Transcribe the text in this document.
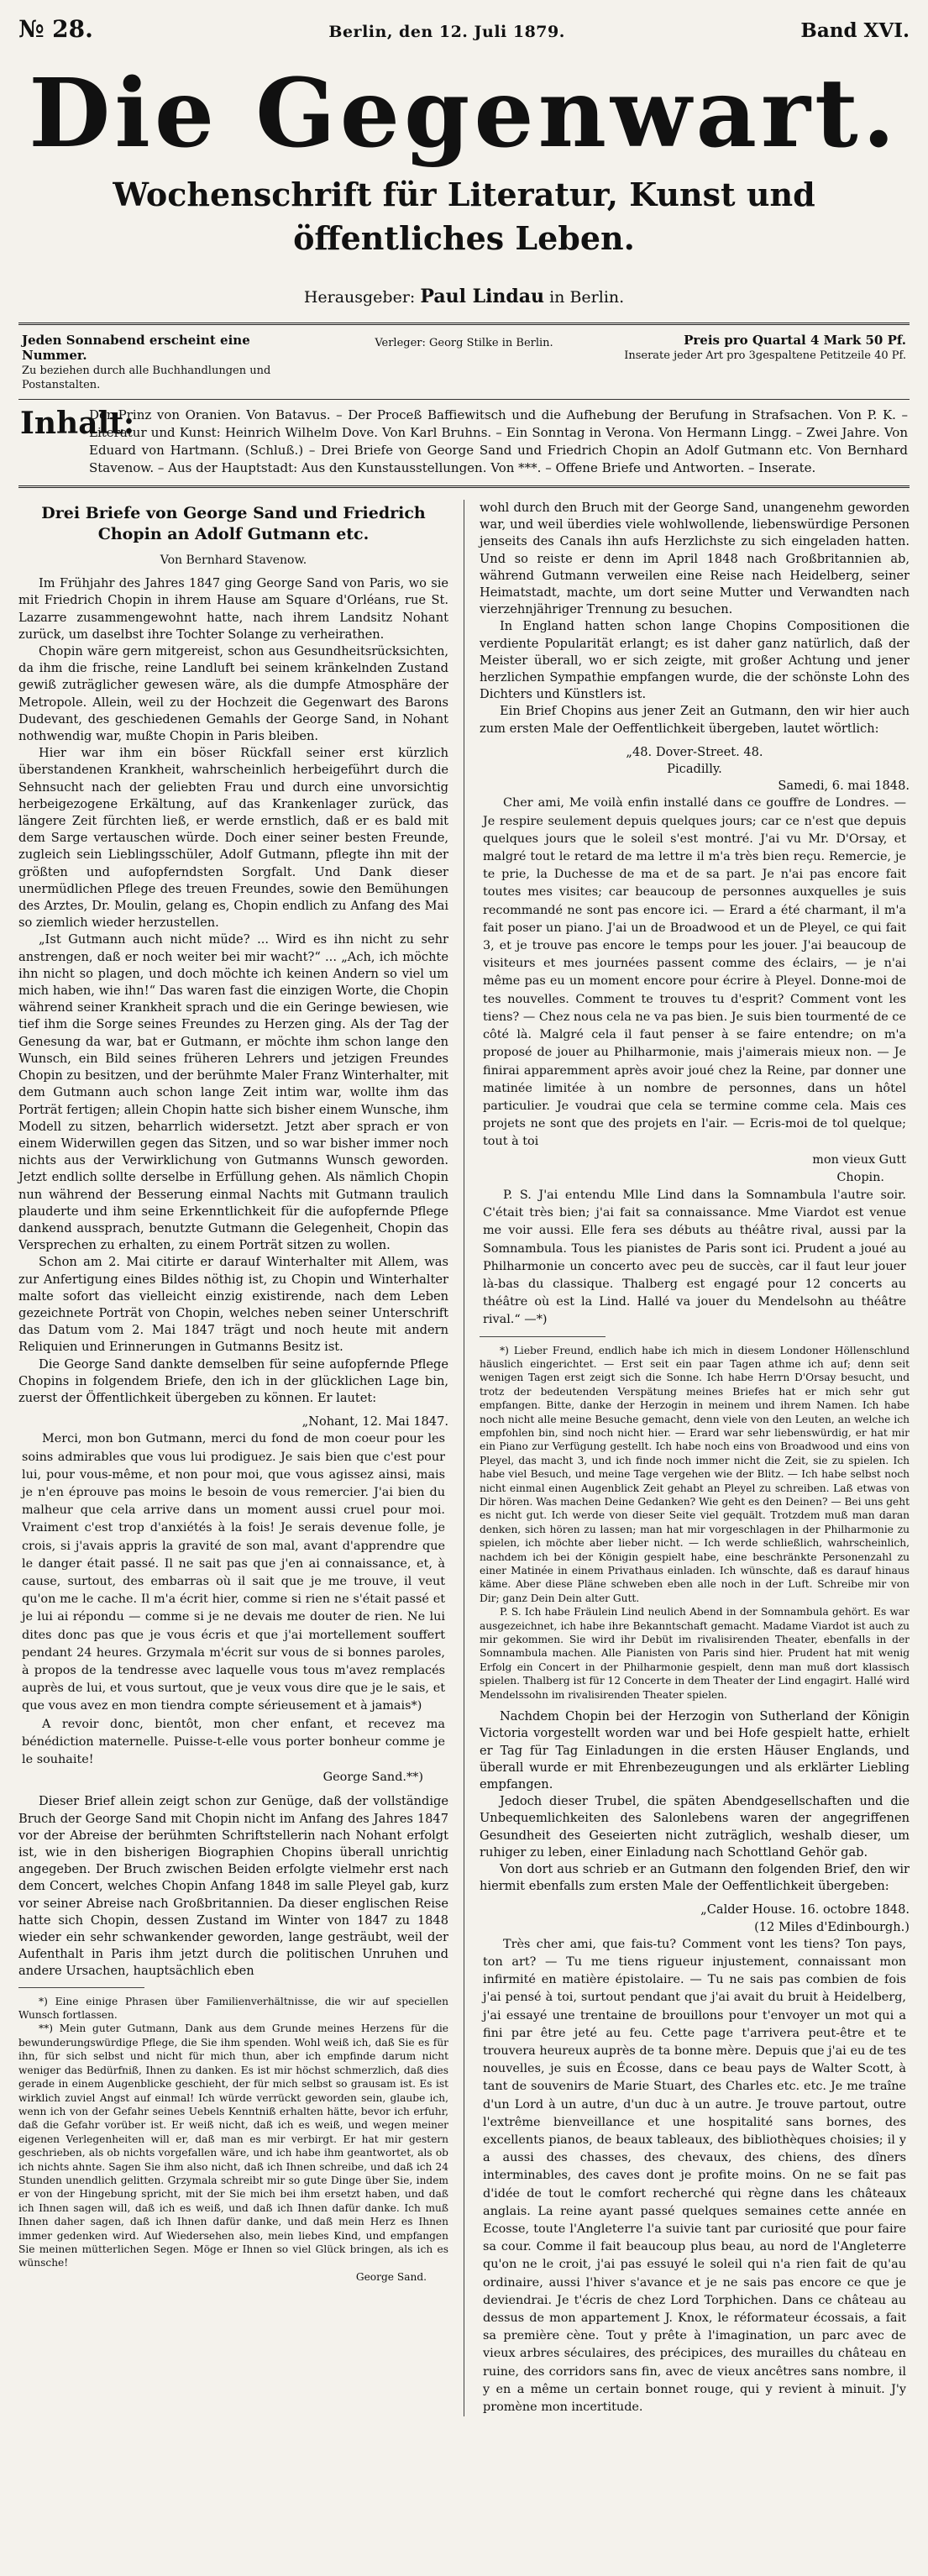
№ 28.	Berlin, den 12. Juli 1879.	Band XVI.
Die Gegenwart.
Wochenschrift für Literatur, Kunst und öffentliches Leben.
Herausgeber: Paul Lindau in Berlin.
Jeden Sonnabend erscheint eine Nummer.
Zu beziehen durch alle Buchhandlungen und Postanstalten.
Verleger: Georg Stilke in Berlin.	Preis pro Quartal 4 Mark 50 Pf.
Inserate jeder Art pro 3gespaltene Petitzeile 40 Pf.
Inhalt:
Der Prinz von Oranien. Von Batavus. – Der Proceß Baffiewitsch und die Aufhebung der Berufung in Strafsachen. Von P. K. – Literatur und Kunst: Heinrich Wilhelm Dove. Von Karl Bruhns. – Ein Sonntag in Verona. Von Hermann Lingg. – Zwei Jahre. Von Eduard von Hartmann. (Schluß.) – Drei Briefe von George Sand und Friedrich Chopin an Adolf Gutmann etc. Von Bernhard Stavenow. – Aus der Hauptstadt: Aus den Kunstausstellungen. Von ***. – Offene Briefe und Antworten. – Inserate.

Drei Briefe von George Sand und Friedrich Chopin an Adolf Gutmann etc.

Von Bernhard Stavenow.

Im Frühjahr des Jahres 1847 ging George Sand von Paris, wo sie mit Friedrich Chopin in ihrem Hause am Square d'Orléans, rue St. Lazarre zusammengewohnt hatte, nach ihrem Landsitz Nohant zurück, um daselbst ihre Tochter Solange zu verheirathen.

Chopin wäre gern mitgereist, schon aus Gesundheitsrücksichten, da ihm die frische, reine Landluft bei seinem kränkelnden Zustand gewiß zuträglicher gewesen wäre, als die dumpfe Atmosphäre der Metropole. Allein, weil zu der Hochzeit die Gegenwart des Barons Dudevant, des geschiedenen Gemahls der George Sand, in Nohant nothwendig war, mußte Chopin in Paris bleiben.

Hier war ihm ein böser Rückfall seiner erst kürzlich überstandenen Krankheit, wahrscheinlich herbeigeführt durch die Sehnsucht nach der geliebten Frau und durch eine unvorsichtig herbeigezogene Erkältung, auf das Krankenlager zurück, das längere Zeit fürchten ließ, er werde ernstlich, daß er es bald mit dem Sarge vertauschen würde. Doch einer seiner besten Freunde, zugleich sein Lieblingsschüler, Adolf Gutmann, pflegte ihn mit der größten und aufopferndsten Sorgfalt. Und Dank dieser unermüdlichen Pflege des treuen Freundes, sowie den Bemühungen des Arztes, Dr. Moulin, gelang es, Chopin endlich zu Anfang des Mai so ziemlich wieder herzustellen.

„Ist Gutmann auch nicht müde? ... Wird es ihn nicht zu sehr anstrengen, daß er noch weiter bei mir wacht?“ ... „Ach, ich möchte ihn nicht so plagen, und doch möchte ich keinen Andern so viel um mich haben, wie ihn!“ Das waren fast die einzigen Worte, die Chopin während seiner Krankheit sprach und die ein Geringe bewiesen, wie tief ihm die Sorge seines Freundes zu Herzen ging. Als der Tag der Genesung da war, bat er Gutmann, er möchte ihm schon lange den Wunsch, ein Bild seines früheren Lehrers und jetzigen Freundes Chopin zu besitzen, und der berühmte Maler Franz Winterhalter, mit dem Gutmann auch schon lange Zeit intim war, wollte ihm das Porträt fertigen; allein Chopin hatte sich bisher einem Wunsche, ihm Modell zu sitzen, beharrlich widersetzt. Jetzt aber sprach er von einem Widerwillen gegen das Sitzen, und so war bisher immer noch nichts aus der Verwirklichung von Gutmanns Wunsch geworden. Jetzt endlich sollte derselbe in Erfüllung gehen. Als nämlich Chopin nun während der Besserung einmal Nachts mit Gutmann traulich plauderte und ihm seine Erkenntlichkeit für die aufopfernde Pflege dankend aussprach, benutzte Gutmann die Gelegenheit, Chopin das Versprechen zu erhalten, zu einem Porträt sitzen zu wollen.

Schon am 2. Mai citirte er darauf Winterhalter mit Allem, was zur Anfertigung eines Bildes nöthig ist, zu Chopin und Winterhalter malte sofort das vielleicht einzig existirende, nach dem Leben gezeichnete Porträt von Chopin, welches neben seiner Unterschrift das Datum vom 2. Mai 1847 trägt und noch heute mit andern Reliquien und Erinnerungen in Gutmanns Besitz ist.

Die George Sand dankte demselben für seine aufopfernde Pflege Chopins in folgendem Briefe, den ich in der glücklichen Lage bin, zuerst der Öffentlichkeit übergeben zu können. Er lautet:

„Nohant, 12. Mai 1847.

Merci, mon bon Gutmann, merci du fond de mon coeur pour les soins admirables que vous lui prodiguez. Je sais bien que c'est pour lui, pour vous-même, et non pour moi, que vous agissez ainsi, mais je n'en éprouve pas moins le besoin de vous remercier. J'ai bien du malheur que cela arrive dans un moment aussi cruel pour moi. Vraiment c'est trop d'anxiétés à la fois! Je serais devenue folle, je crois, si j'avais appris la gravité de son mal, avant d'apprendre que le danger était passé. Il ne sait pas que j'en ai connaissance, et, à cause, surtout, des embarras où il sait que je me trouve, il veut qu'on me le cache. Il m'a écrit hier, comme si rien ne s'était passé et je lui ai répondu — comme si je ne devais me douter de rien. Ne lui dites donc pas que je vous écris et que j'ai mortellement souffert pendant 24 heures. Grzymala m'écrit sur vous de si bonnes paroles, à propos de la tendresse avec laquelle vous tous m'avez remplacés auprès de lui, et vous surtout, que je veux vous dire que je le sais, et que vous avez en mon tiendra compte sérieusement et à jamais*)

A revoir donc, bientôt, mon cher enfant, et recevez ma bénédiction maternelle. Puisse-t-elle vous porter bonheur comme je le souhaite!

George Sand.**)

Dieser Brief allein zeigt schon zur Genüge, daß der vollständige Bruch der George Sand mit Chopin nicht im Anfang des Jahres 1847 vor der Abreise der berühmten Schriftstellerin nach Nohant erfolgt ist, wie in den bisherigen Biographien Chopins überall unrichtig angegeben. Der Bruch zwischen Beiden erfolgte vielmehr erst nach dem Concert, welches Chopin Anfang 1848 im salle Pleyel gab, kurz vor seiner Abreise nach Großbritannien. Da dieser englischen Reise hatte sich Chopin, dessen Zustand im Winter von 1847 zu 1848 wieder ein sehr schwankender geworden, lange gesträubt, weil der Aufenthalt in Paris ihm jetzt durch die politischen Unruhen und andere Ursachen, hauptsächlich eben

*) Eine einige Phrasen über Familienverhältnisse, die wir auf speciellen Wunsch fortlassen.

**) Mein guter Gutmann, Dank aus dem Grunde meines Herzens für die bewunderungswürdige Pflege, die Sie ihm spenden. Wohl weiß ich, daß Sie es für ihn, für sich selbst und nicht für mich thun, aber ich empfinde darum nicht weniger das Bedürfniß, Ihnen zu danken. Es ist mir höchst schmerzlich, daß dies gerade in einem Augenblicke geschieht, der für mich selbst so grausam ist. Es ist wirklich zuviel Angst auf einmal! Ich würde verrückt geworden sein, glaube ich, wenn ich von der Gefahr seines Uebels Kenntniß erhalten hätte, bevor ich erfuhr, daß die Gefahr vorüber ist. Er weiß nicht, daß ich es weiß, und wegen meiner eigenen Verlegenheiten will er, daß man es mir verbirgt. Er hat mir gestern geschrieben, als ob nichts vorgefallen wäre, und ich habe ihm geantwortet, als ob ich nichts ahnte. Sagen Sie ihm also nicht, daß ich Ihnen schreibe, und daß ich 24 Stunden unendlich gelitten. Grzymala schreibt mir so gute Dinge über Sie, indem er von der Hingebung spricht, mit der Sie mich bei ihm ersetzt haben, und daß ich Ihnen sagen will, daß ich es weiß, und daß ich Ihnen dafür danke. Ich muß Ihnen daher sagen, daß ich Ihnen dafür danke, und daß mein Herz es Ihnen immer gedenken wird. Auf Wiedersehen also, mein liebes Kind, und empfangen Sie meinen mütterlichen Segen. Möge er Ihnen so viel Glück bringen, als ich es wünsche!

George Sand.

wohl durch den Bruch mit der George Sand, unangenehm geworden war, und weil überdies viele wohlwollende, liebenswürdige Personen jenseits des Canals ihn aufs Herzlichste zu sich eingeladen hatten. Und so reiste er denn im April 1848 nach Großbritannien ab, während Gutmann verweilen eine Reise nach Heidelberg, seiner Heimatstadt, machte, um dort seine Mutter und Verwandten nach vierzehnjähriger Trennung zu besuchen.

In England hatten schon lange Chopins Compositionen die verdiente Popularität erlangt; es ist daher ganz natürlich, daß der Meister überall, wo er sich zeigte, mit großer Achtung und jener herzlichen Sympathie empfangen wurde, die der schönste Lohn des Dichters und Künstlers ist.

Ein Brief Chopins aus jener Zeit an Gutmann, den wir hier auch zum ersten Male der Oeffentlichkeit übergeben, lautet wörtlich:

„48. Dover-Street. 48.

Picadilly.

Samedi, 6. mai 1848.

Cher ami, Me voilà enfin installé dans ce gouffre de Londres. — Je respire seulement depuis quelques jours; car ce n'est que depuis quelques jours que le soleil s'est montré. J'ai vu Mr. D'Orsay, et malgré tout le retard de ma lettre il m'a très bien reçu. Remercie, je te prie, la Duchesse de ma et de sa part. Je n'ai pas encore fait toutes mes visites; car beaucoup de personnes auxquelles je suis recommandé ne sont pas encore ici. — Erard a été charmant, il m'a fait poser un piano. J'ai un de Broadwood et un de Pleyel, ce qui fait 3, et je trouve pas encore le temps pour les jouer. J'ai beaucoup de visiteurs et mes journées passent comme des éclairs, — je n'ai même pas eu un moment encore pour écrire à Pleyel. Donne-moi de tes nouvelles. Comment te trouves tu d'esprit? Comment vont les tiens? — Chez nous cela ne va pas bien. Je suis bien tourmenté de ce côté là. Malgré cela il faut penser à se faire entendre; on m'a proposé de jouer au Philharmonie, mais j'aimerais mieux non. — Je finirai apparemment après avoir joué chez la Reine, par donner une matinée limitée à un nombre de personnes, dans un hôtel particulier. Je voudrai que cela se termine comme cela. Mais ces projets ne sont que des projets en l'air. — Ecris-moi de tol quelque; tout à toi

mon vieux Gutt

Chopin.

P. S. J'ai entendu Mlle Lind dans la Somnambula l'autre soir. C'était très bien; j'ai fait sa connaissance. Mme Viardot est venue me voir aussi. Elle fera ses débuts au théâtre rival, aussi par la Somnambula. Tous les pianistes de Paris sont ici. Prudent a joué au Philharmonie un concerto avec peu de succès, car il faut leur jouer là-bas du classique. Thalberg est engagé pour 12 concerts au théâtre où est la Lind. Hallé va jouer du Mendelsohn au théâtre rival.“ —*)

*) Lieber Freund, endlich habe ich mich in diesem Londoner Höllenschlund häuslich eingerichtet. — Erst seit ein paar Tagen athme ich auf; denn seit wenigen Tagen erst zeigt sich die Sonne. Ich habe Herrn D'Orsay besucht, und trotz der bedeutenden Verspätung meines Briefes hat er mich sehr gut empfangen. Bitte, danke der Herzogin in meinem und ihrem Namen. Ich habe noch nicht alle meine Besuche gemacht, denn viele von den Leuten, an welche ich empfohlen bin, sind noch nicht hier. — Erard war sehr liebenswürdig, er hat mir ein Piano zur Verfügung gestellt. Ich habe noch eins von Broadwood und eins von Pleyel, das macht 3, und ich finde noch immer nicht die Zeit, sie zu spielen. Ich habe viel Besuch, und meine Tage vergehen wie der Blitz. — Ich habe selbst noch nicht einmal einen Augenblick Zeit gehabt an Pleyel zu schreiben. Laß etwas von Dir hören. Was machen Deine Gedanken? Wie geht es den Deinen? — Bei uns geht es nicht gut. Ich werde von dieser Seite viel gequält. Trotzdem muß man daran denken, sich hören zu lassen; man hat mir vorgeschlagen in der Philharmonie zu spielen, ich möchte aber lieber nicht. — Ich werde schließlich, wahrscheinlich, nachdem ich bei der Königin gespielt habe, eine beschränkte Personenzahl zu einer Matinée in einem Privathaus einladen. Ich wünschte, daß es darauf hinaus käme. Aber diese Pläne schweben eben alle noch in der Luft. Schreibe mir von Dir; ganz Dein Dein alter Gutt.

P. S. Ich habe Fräulein Lind neulich Abend in der Somnambula gehört. Es war ausgezeichnet, ich habe ihre Bekanntschaft gemacht. Madame Viardot ist auch zu mir gekommen. Sie wird ihr Debüt im rivalisirenden Theater, ebenfalls in der Somnambula machen. Alle Pianisten von Paris sind hier. Prudent hat mit wenig Erfolg ein Concert in der Philharmonie gespielt, denn man muß dort klassisch spielen. Thalberg ist für 12 Concerte in dem Theater der Lind engagirt. Hallé wird Mendelssohn im rivalisirenden Theater spielen.

Nachdem Chopin bei der Herzogin von Sutherland der Königin Victoria vorgestellt worden war und bei Hofe gespielt hatte, erhielt er Tag für Tag Einladungen in die ersten Häuser Englands, und überall wurde er mit Ehrenbezeugungen und als erklärter Liebling empfangen.

Jedoch dieser Trubel, die späten Abendgesellschaften und die Unbequemlichkeiten des Salonlebens waren der angegriffenen Gesundheit des Geseierten nicht zuträglich, weshalb dieser, um ruhiger zu leben, einer Einladung nach Schottland Gehör gab.

Von dort aus schrieb er an Gutmann den folgenden Brief, den wir hiermit ebenfalls zum ersten Male der Oeffentlichkeit übergeben:

„Calder House. 16. octobre 1848.

(12 Miles d'Edinbourgh.)

Très cher ami, que fais-tu? Comment vont les tiens? Ton pays, ton art? — Tu me tiens rigueur injustement, connaissant mon infirmité en matière épistolaire. — Tu ne sais pas combien de fois j'ai pensé à toi, surtout pendant que j'ai avait du bruit à Heidelberg, j'ai essayé une trentaine de brouillons pour t'envoyer un mot qui a fini par être jeté au feu. Cette page t'arrivera peut-être et te trouvera heureux auprès de ta bonne mère. Depuis que j'ai eu de tes nouvelles, je suis en Écosse, dans ce beau pays de Walter Scott, à tant de souvenirs de Marie Stuart, des Charles etc. etc. Je me traîne d'un Lord à un autre, d'un duc à un autre. Je trouve partout, outre l'extrême bienveillance et une hospitalité sans bornes, des excellents pianos, de beaux tableaux, des bibliothèques choisies; il y a aussi des chasses, des chevaux, des chiens, des dîners interminables, des caves dont je profite moins. On ne se fait pas d'idée de tout le comfort recherché qui règne dans les châteaux anglais. La reine ayant passé quelques semaines cette année en Ecosse, toute l'Angleterre l'a suivie tant par curiosité que pour faire sa cour. Comme il fait beaucoup plus beau, au nord de l'Angleterre qu'on ne le croit, j'ai pas essuyé le soleil qui n'a rien fait de qu'au ordinaire, aussi l'hiver s'avance et je ne sais pas encore ce que je deviendrai. Je t'écris de chez Lord Torphichen. Dans ce château au dessus de mon appartement J. Knox, le réformateur écossais, a fait sa première cène. Tout y prête à l'imagination, un parc avec de vieux arbres séculaires, des précipices, des murailles du château en ruine, des corridors sans fin, avec de vieux ancêtres sans nombre, il y en a même un certain bonnet rouge, qui y revient à minuit. J'y promène mon incertitude.
